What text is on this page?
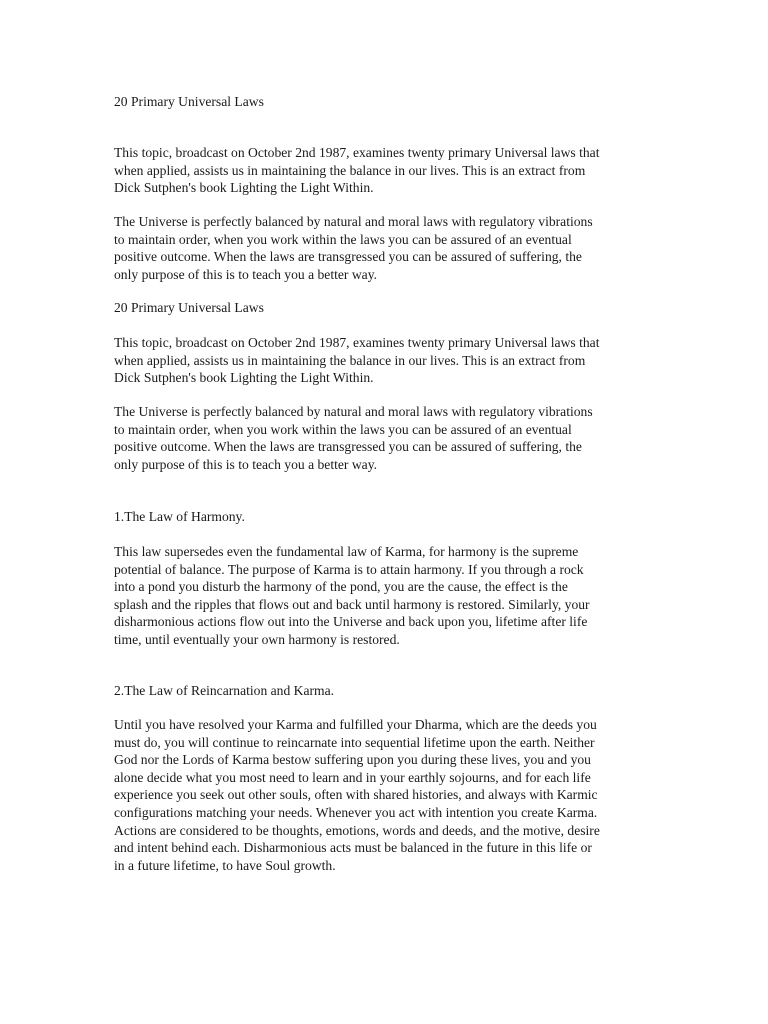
20 Primary Universal Laws

This topic, broadcast on October 2nd 1987, examines twenty primary Universal laws that

when applied, assists us in maintaining the balance in our lives. This is an extract from

Dick Sutphen's book Lighting the Light Within.

The Universe is perfectly balanced by natural and moral laws with regulatory vibrations

to maintain order, when you work within the laws you can be assured of an eventual

positive outcome. When the laws are transgressed you can be assured of suffering, the

only purpose of this is to teach you a better way.

20 Primary Universal Laws

This topic, broadcast on October 2nd 1987, examines twenty primary Universal laws that

when applied, assists us in maintaining the balance in our lives. This is an extract from

Dick Sutphen's book Lighting the Light Within.

The Universe is perfectly balanced by natural and moral laws with regulatory vibrations

to maintain order, when you work within the laws you can be assured of an eventual

positive outcome. When the laws are transgressed you can be assured of suffering, the

only purpose of this is to teach you a better way.

1.The Law of Harmony.

This law supersedes even the fundamental law of Karma, for harmony is the supreme

potential of balance. The purpose of Karma is to attain harmony. If you through a rock

into a pond you disturb the harmony of the pond, you are the cause, the effect is the

splash and the ripples that flows out and back until harmony is restored. Similarly, your

disharmonious actions flow out into the Universe and back upon you, lifetime after life

time, until eventually your own harmony is restored.

2.The Law of Reincarnation and Karma.

Until you have resolved your Karma and fulfilled your Dharma, which are the deeds you

must do, you will continue to reincarnate into sequential lifetime upon the earth. Neither

God nor the Lords of Karma bestow suffering upon you during these lives, you and you

alone decide what you most need to learn and in your earthly sojourns, and for each life

experience you seek out other souls, often with shared histories, and always with Karmic

configurations matching your needs. Whenever you act with intention you create Karma.

Actions are considered to be thoughts, emotions, words and deeds, and the motive, desire

and intent behind each. Disharmonious acts must be balanced in the future in this life or

in a future lifetime, to have Soul growth.
